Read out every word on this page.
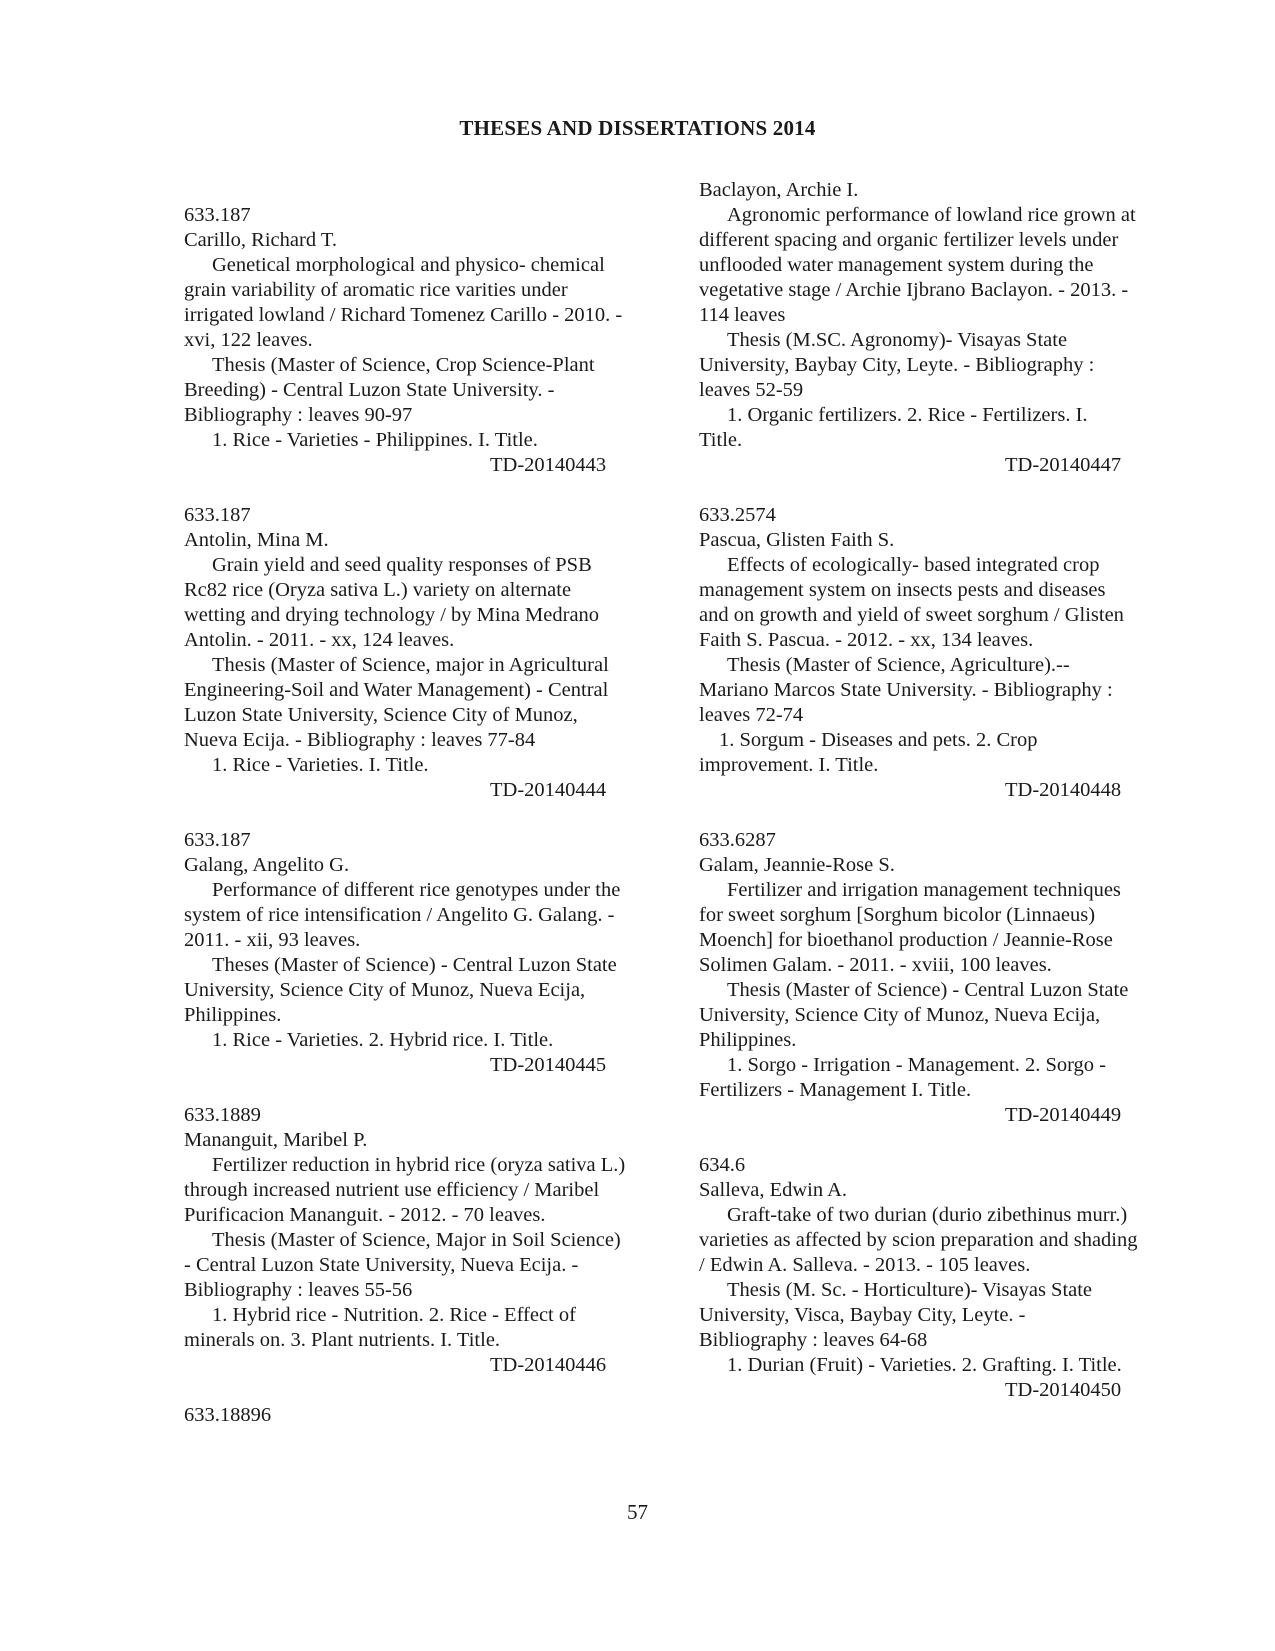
THESES AND DISSERTATIONS 2014
633.187
Carillo, Richard T.
Genetical morphological and physico- chemical
grain variability of aromatic rice varities under
irrigated lowland / Richard Tomenez Carillo - 2010. -
xvi, 122 leaves.
Thesis (Master of Science, Crop Science-Plant
Breeding) - Central Luzon State University. -
Bibliography : leaves 90-97
1. Rice - Varieties - Philippines. I. Title.
TD-20140443
633.187
Antolin, Mina M.
Grain yield and seed quality responses of PSB
Rc82 rice (Oryza sativa L.) variety on alternate
wetting and drying technology / by Mina Medrano
Antolin. - 2011. - xx, 124 leaves.
Thesis (Master of Science, major in Agricultural
Engineering-Soil and Water Management) - Central
Luzon State University, Science City of Munoz,
Nueva Ecija. - Bibliography : leaves 77-84
1. Rice - Varieties. I. Title.
TD-20140444
633.187
Galang, Angelito G.
Performance of different rice genotypes under the
system of rice intensification / Angelito G. Galang. -
2011. - xii, 93 leaves.
Theses (Master of Science) - Central Luzon State
University, Science City of Munoz, Nueva Ecija,
Philippines.
1. Rice - Varieties. 2. Hybrid rice. I. Title.
TD-20140445
633.1889
Mananguit, Maribel P.
Fertilizer reduction in hybrid rice (oryza sativa L.)
through increased nutrient use efficiency / Maribel
Purificacion Mananguit. - 2012. - 70 leaves.
Thesis (Master of Science, Major in Soil Science)
- Central Luzon State University, Nueva Ecija. -
Bibliography : leaves 55-56
1. Hybrid rice - Nutrition. 2. Rice - Effect of
minerals on. 3. Plant nutrients. I. Title.
TD-20140446
633.18896
Baclayon, Archie I.
Agronomic performance of lowland rice grown at
different spacing and organic fertilizer levels under
unflooded water management system during the
vegetative stage / Archie Ijbrano Baclayon. - 2013. -
114 leaves
Thesis (M.SC. Agronomy)- Visayas State
University, Baybay City, Leyte. - Bibliography :
leaves 52-59
1. Organic fertilizers. 2. Rice - Fertilizers. I.
Title.
TD-20140447
633.2574
Pascua, Glisten Faith S.
Effects of ecologically- based integrated crop
management system on insects pests and diseases
and on growth and yield of sweet sorghum / Glisten
Faith S. Pascua. - 2012. - xx, 134 leaves.
Thesis (Master of Science, Agriculture).--
Mariano Marcos State University. - Bibliography :
leaves 72-74
1. Sorgum - Diseases and pets. 2. Crop
improvement. I. Title.
TD-20140448
633.6287
Galam, Jeannie-Rose S.
Fertilizer and irrigation management techniques
for sweet sorghum [Sorghum bicolor (Linnaeus)
Moench] for bioethanol production / Jeannie-Rose
Solimen Galam. - 2011. - xviii, 100 leaves.
Thesis (Master of Science) - Central Luzon State
University, Science City of Munoz, Nueva Ecija,
Philippines.
1. Sorgo - Irrigation - Management. 2. Sorgo -
Fertilizers - Management I. Title.
TD-20140449
634.6
Salleva, Edwin A.
Graft-take of two durian (durio zibethinus murr.)
varieties as affected by scion preparation and shading
/ Edwin A. Salleva. - 2013. - 105 leaves.
Thesis (M. Sc. - Horticulture)- Visayas State
University, Visca, Baybay City, Leyte. -
Bibliography : leaves 64-68
1. Durian (Fruit) - Varieties. 2. Grafting. I. Title.
TD-20140450
57
